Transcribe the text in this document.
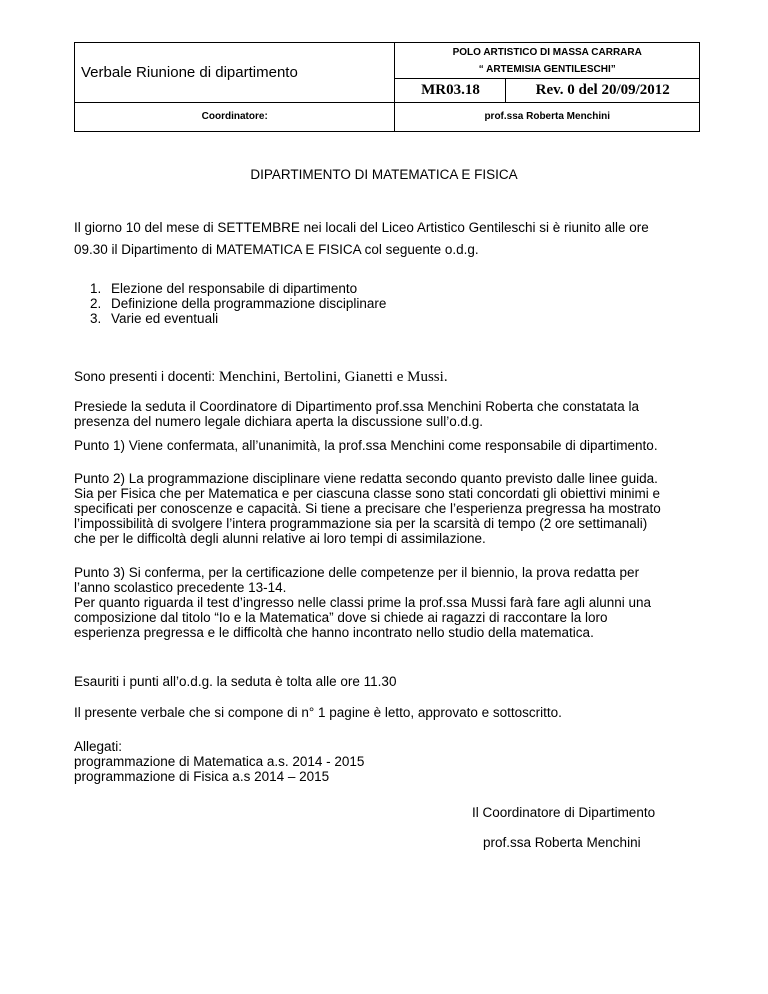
Verbale Riunione di dipartimento	POLO ARTISTICO DI MASSA CARRARA	
	“ ARTEMISIA GENTILESCHI”	
	MR03.18	Rev. 0 del 20/09/2012
Coordinatore:	prof.ssa Roberta Menchini	
DIPARTIMENTO DI MATEMATICA E FISICA
Il giorno 10 del mese di SETTEMBRE nei locali del Liceo Artistico Gentileschi si è riunito alle ore
09.30 il Dipartimento di MATEMATICA E FISICA col seguente o.d.g.
1. Elezione del responsabile di dipartimento
2. Definizione della programmazione disciplinare
3. Varie ed eventuali
Sono presenti i docenti: Menchini, Bertolini, Gianetti e Mussi.
Presiede la seduta il Coordinatore di Dipartimento prof.ssa Menchini Roberta che constatata la
presenza del numero legale dichiara aperta la discussione sull’o.d.g.
Punto 1) Viene confermata, all’unanimità, la prof.ssa Menchini come responsabile di dipartimento.
Punto 2) La programmazione disciplinare viene redatta secondo quanto previsto dalle linee guida.
Sia per Fisica che per Matematica e per ciascuna classe sono stati concordati gli obiettivi minimi e
specificati per conoscenze e capacità. Si tiene a precisare che l’esperienza pregressa ha mostrato
l’impossibilità di svolgere l’intera programmazione sia per la scarsità di tempo (2 ore settimanali)
che per le difficoltà degli alunni relative ai loro tempi di assimilazione.
Punto 3) Si conferma, per la certificazione delle competenze per il biennio, la prova redatta per
l’anno scolastico precedente 13-14.
Per quanto riguarda il test d’ingresso nelle classi prime la prof.ssa Mussi farà fare agli alunni una
composizione dal titolo “Io e la Matematica” dove si chiede ai ragazzi di raccontare la loro
esperienza pregressa e le difficoltà che hanno incontrato nello studio della matematica.
Esauriti i punti all’o.d.g. la seduta è tolta alle ore 11.30
Il presente verbale che si compone di n° 1 pagine è letto, approvato e sottoscritto.
Allegati:
programmazione di Matematica a.s. 2014 - 2015
programmazione di Fisica a.s 2014 – 2015
Il Coordinatore di Dipartimento
prof.ssa Roberta Menchini
